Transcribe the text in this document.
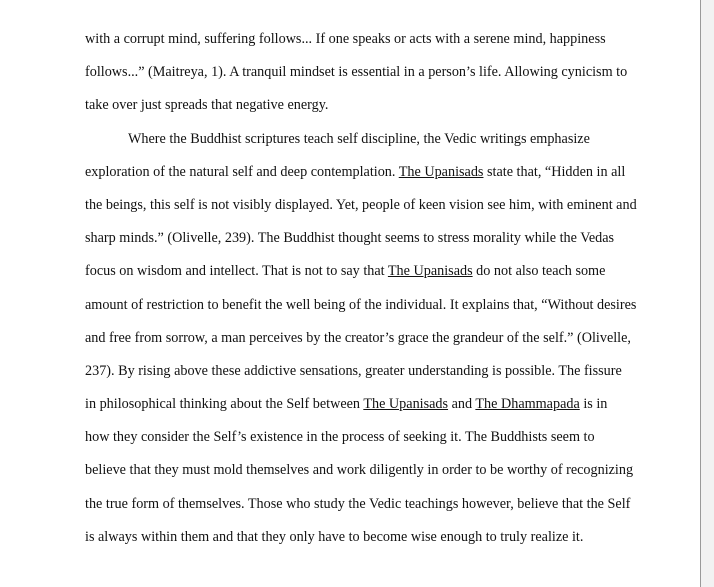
with a corrupt mind, suffering follows... If one speaks or acts with a serene mind, happiness
follows...” (Maitreya, 1). A tranquil mindset is essential in a person’s life. Allowing cynicism to
take over just spreads that negative energy.
Where the Buddhist scriptures teach self discipline, the Vedic writings emphasize
exploration of the natural self and deep contemplation. The Upanisads state that, “Hidden in all
the beings, this self is not visibly displayed. Yet, people of keen vision see him, with eminent and
sharp minds.” (Olivelle, 239). The Buddhist thought seems to stress morality while the Vedas
focus on wisdom and intellect. That is not to say that The Upanisads do not also teach some
amount of restriction to benefit the well being of the individual. It explains that, “Without desires
and free from sorrow, a man perceives by the creator’s grace the grandeur of the self.” (Olivelle,
237). By rising above these addictive sensations, greater understanding is possible. The fissure
in philosophical thinking about the Self between The Upanisads and The Dhammapada is in
how they consider the Self’s existence in the process of seeking it. The Buddhists seem to
believe that they must mold themselves and work diligently in order to be worthy of recognizing
the true form of themselves. Those who study the Vedic teachings however, believe that the Self
is always within them and that they only have to become wise enough to truly realize it.
